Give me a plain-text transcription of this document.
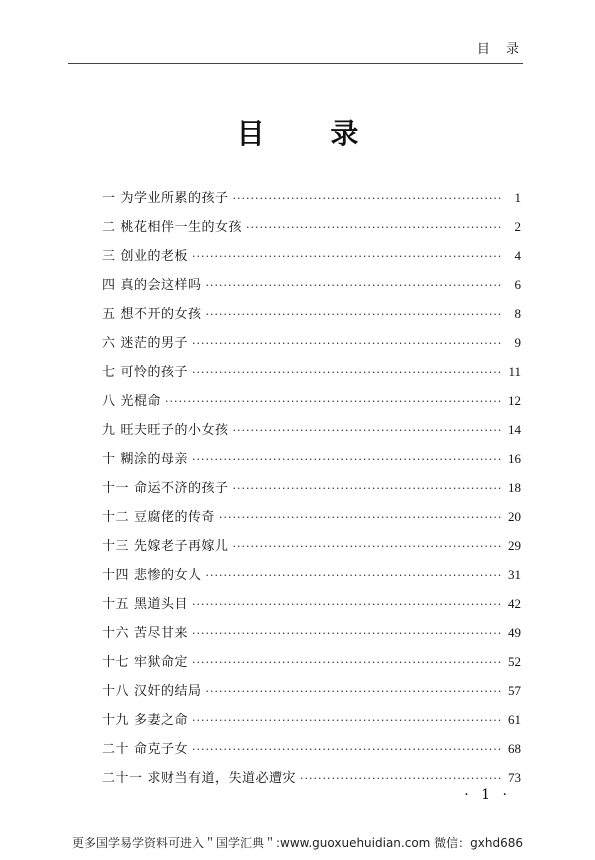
目 录
目 录
一 为学业所累的孩子 ·····	1
二 桃花相伴一生的女孩 ·····	2
三 创业的老板 ·····	4
四 真的会这样吗 ·····	6
五 想不开的女孩 ·····	8
六 迷茫的男子 ·····	9
七 可怜的孩子 ·····	11
八 光棍命 ·····	12
九 旺夫旺子的小女孩 ·····	14
十 糊涂的母亲 ·····	16
十一 命运不济的孩子 ·····	18
十二 豆腐佬的传奇 ·····	20
十三 先嫁老子再嫁儿 ·····	29
十四 悲惨的女人 ·····	31
十五 黑道头目 ·····	42
十六 苦尽甘来 ·····	49
十七 牢狱命定 ·····	52
十八 汉奸的结局 ·····	57
十九 多妻之命 ·····	61
二十 命克子女 ·····	68
二十一 求财当有道，失道必遭灾 ·····	73
· 1 ·
更多国学易学资料可进入＂国学汇典＂:www.guoxuehuidian.com 微信：gxhd686
